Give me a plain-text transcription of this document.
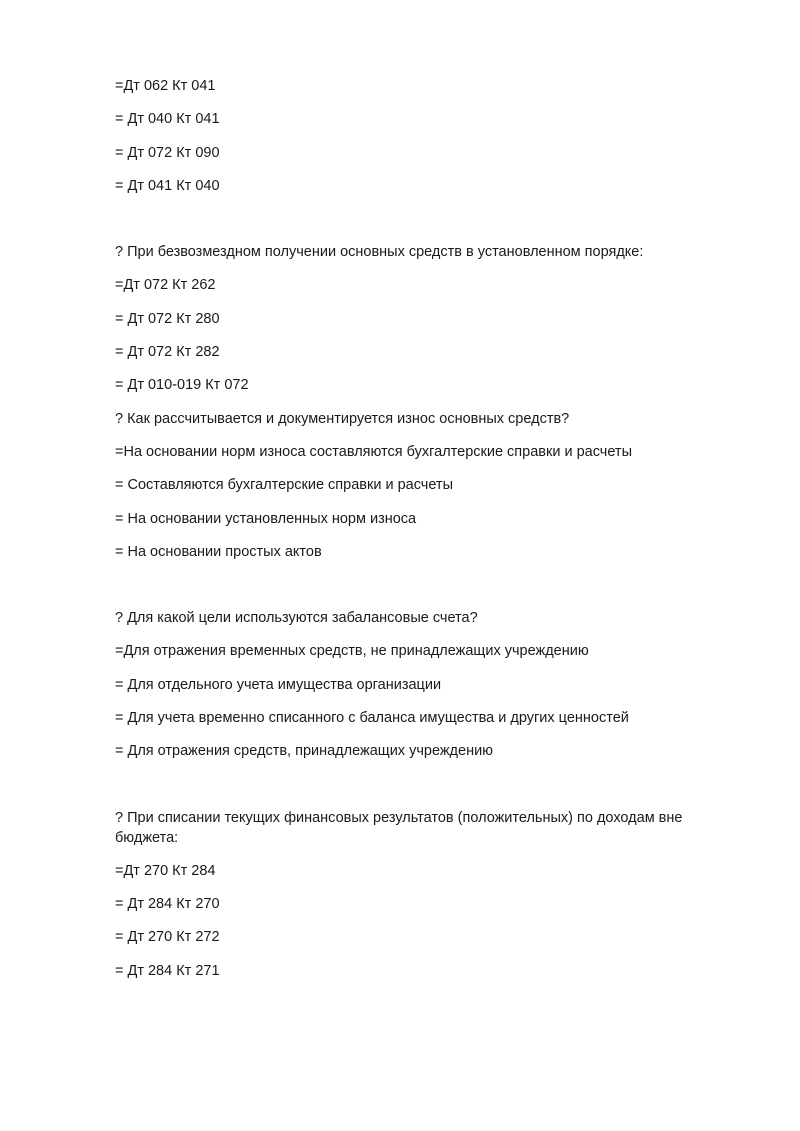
=Дт 062 Кт 041
= Дт 040 Кт 041
= Дт 072 Кт 090
= Дт 041 Кт 040
? При безвозмездном получении основных средств в установленном порядке:
=Дт 072 Кт 262
= Дт 072 Кт 280
= Дт 072 Кт 282
= Дт 010-019 Кт 072
? Как рассчитывается и документируется износ основных средств?
=На основании норм износа составляются бухгалтерские справки и расчеты
= Составляются бухгалтерские справки и расчеты
= На основании установленных норм износа
= На основании простых актов
? Для какой цели используются забалансовые счета?
=Для отражения временных средств, не принадлежащих учреждению
= Для отдельного учета имущества организации
= Для учета временно списанного с баланса имущества и других ценностей
= Для отражения средств, принадлежащих учреждению
? При списании текущих финансовых результатов (положительных) по доходам вне бюджета:
=Дт 270 Кт 284
= Дт 284 Кт 270
= Дт 270 Кт 272
= Дт 284 Кт 271
